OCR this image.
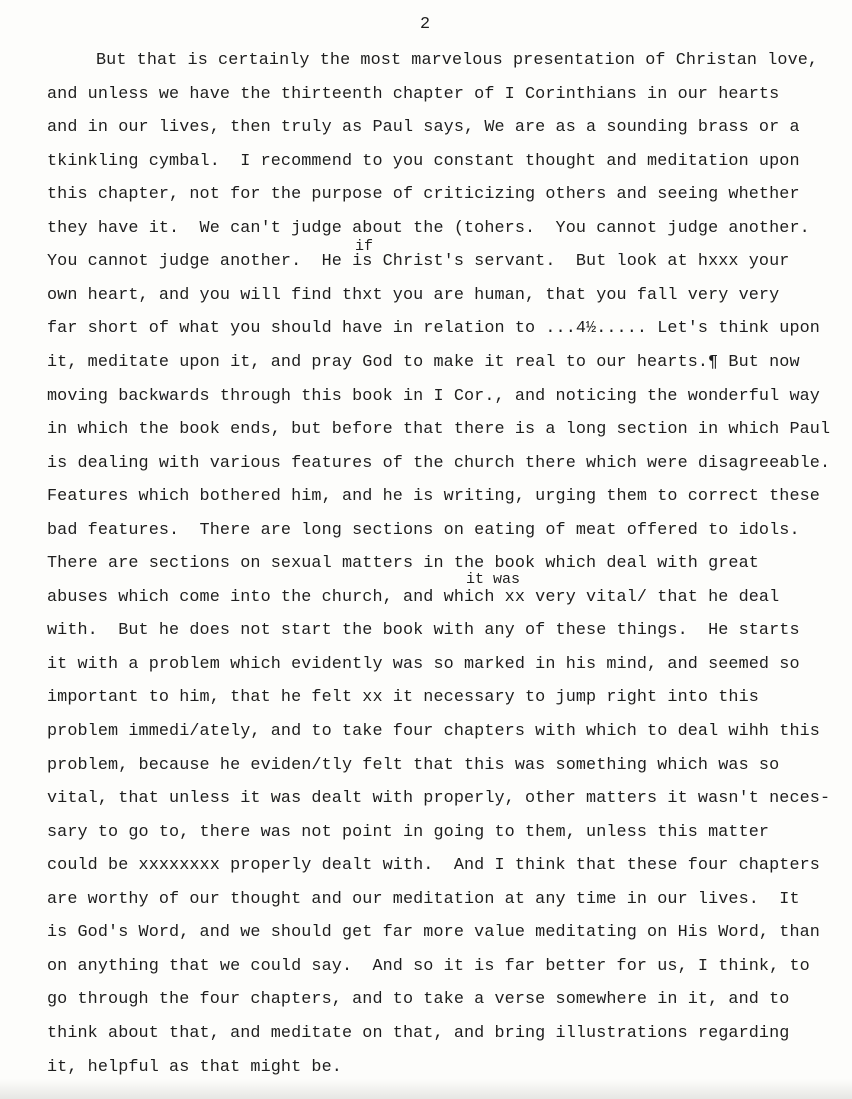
2
But that is certainly the most marvelous presentation of Christan love,
and unless we have the thirteenth chapter of I Corinthians in our hearts
and in our lives, then truly as Paul says, We are as a sounding brass or a
tkinkling cymbal.  I recommend to you constant thought and meditation upon
this chapter, not for the purpose of criticizing others and seeing whether
they have it.  We can't judge about the (tohers.  You cannot judge another.
You cannot judge another.  He is Christ's servant.  But look at hxxx your
own heart, and you will find thxt you are human, that you fall very very
far short of what you should have in relation to ...4½..... Let's think upon
it, meditate upon it, and pray God to make it real to our hearts.¶ But now
moving backwards through this book in I Cor., and noticing the wonderful way
in which the book ends, but before that there is a long section in which Paul
is dealing with various features of the church there which were disagreeable.
Features which bothered him, and he is writing, urging them to correct these
bad features.  There are long sections on eating of meat offered to idols.
There are sections on sexual matters in the book which deal with great
abuses which come into the church, and which xx very vital/ that he deal
with.  But he does not start the book with any of these things.  He starts
it with a problem which evidently was so marked in his mind, and seemed so
important to him, that he felt xx it necessary to jump right into this
problem immedi/ately, and to take four chapters with which to deal wihh this
problem, because he eviden/tly felt that this was something which was so
vital, that unless it was dealt with properly, other matters it wasn't neces-
sary to go to, there was not point in going to them, unless this matter
could be xxxxxxxx properly dealt with.  And I think that these four chapters
are worthy of our thought and our meditation at any time in our lives.  It
is God's Word, and we should get far more value meditating on His Word, than
on anything that we could say.  And so it is far better for us, I think, to
go through the four chapters, and to take a verse somewhere in it, and to
think about that, and meditate on that, and bring illustrations regarding
it, helpful as that might be.
if
it was
